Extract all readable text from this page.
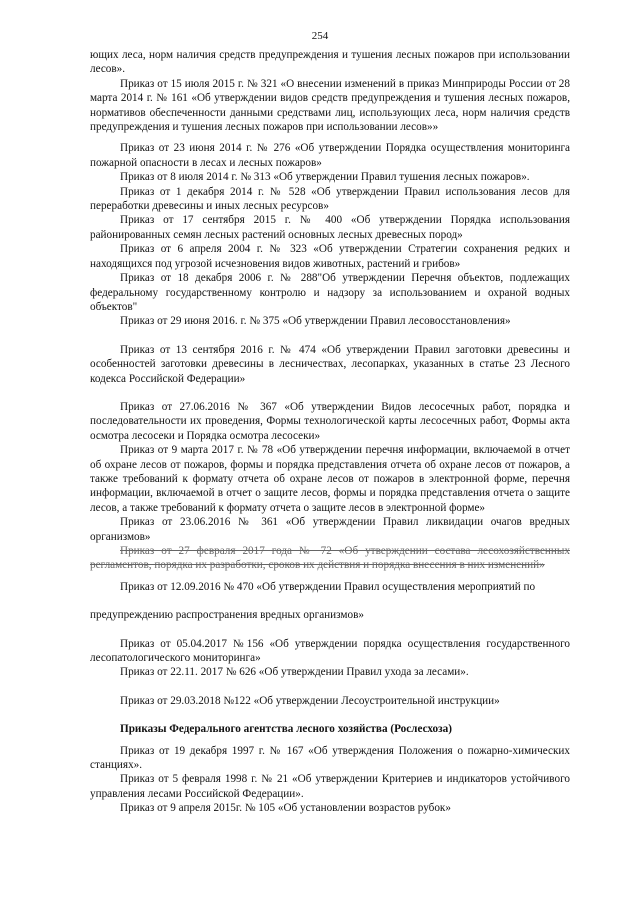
254

ющих леса, норм наличия средств предупреждения и тушения лесных пожаров при использовании лесов».

Приказ от 15 июля 2015 г. № 321 «О внесении изменений в приказ Минприроды России от 28 марта 2014 г. № 161 «Об утверждении видов средств предупреждения и тушения лесных пожаров, нормативов обеспеченности данными средствами лиц, использующих леса, норм наличия средств предупреждения и тушения лесных пожаров при использовании лесов»»

Приказ от 23 июня 2014 г. № 276 «Об утверждении Порядка осуществления мониторинга пожарной опасности в лесах и лесных пожаров»

Приказ от 8 июля 2014 г. № 313 «Об утверждении Правил тушения лесных пожаров».

Приказ от 1 декабря 2014 г. № 528 «Об утверждении Правил использования лесов для переработки древесины и иных лесных ресурсов»

Приказ от 17 сентября 2015 г. № 400 «Об утверждении Порядка использования районированных семян лесных растений основных лесных древесных пород»

Приказ от 6 апреля 2004 г. № 323 «Об утверждении Стратегии сохранения редких и находящихся под угрозой исчезновения видов животных, растений и грибов»

Приказ от 18 декабря 2006 г. № 288"Об утверждении Перечня объектов, подлежащих федеральному государственному контролю и надзору за использованием и охраной водных объектов"

Приказ от 29 июня 2016. г. № 375 «Об утверждении Правил лесовосстановления»

Приказ от 13 сентября 2016 г. № 474 «Об утверждении Правил заготовки древесины и особенностей заготовки древесины в лесничествах, лесопарках, указанных в статье 23 Лесного кодекса Российской Федерации»

Приказ от 27.06.2016 № 367 «Об утверждении Видов лесосечных работ, порядка и последовательности их проведения, Формы технологической карты лесосечных работ, Формы акта осмотра лесосеки и Порядка осмотра лесосеки»

Приказ от 9 марта 2017 г. № 78 «Об утверждении перечня информации, включаемой в отчет об охране лесов от пожаров, формы и порядка представления отчета об охране лесов от пожаров, а также требований к формату отчета об охране лесов от пожаров в электронной форме, перечня информации, включаемой в отчет о защите лесов, формы и порядка представления отчета о защите лесов, а также требований к формату отчета о защите лесов в электронной форме»

Приказ от 23.06.2016 № 361 «Об утверждении Правил ликвидации очагов вредных организмов»

Приказ от 27 февраля 2017 года № 72 «Об утверждении состава лесохозяйственных регламентов, порядка их разработки, сроков их действия и порядка внесения в них изменений»

Приказ от 12.09.2016 № 470 «Об утверждении Правил осуществления мероприятий по

предупреждению распространения вредных организмов»

Приказ от 05.04.2017 №156 «Об утверждении порядка осуществления государственного лесопатологического мониторинга»

Приказ от 22.11. 2017 № 626 «Об утверждении Правил ухода за лесами».

Приказ от 29.03.2018 №122 «Об утверждении Лесоустроительной инструкции»

Приказы Федерального агентства лесного хозяйства (Рослесхоза)

Приказ от 19 декабря 1997 г. № 167 «Об утверждения Положения о пожарно-химических станциях».

Приказ от 5 февраля 1998 г. № 21 «Об утверждении Критериев и индикаторов устойчивого управления лесами Российской Федерации».

Приказ от 9 апреля 2015г. № 105 «Об установлении возрастов рубок»
